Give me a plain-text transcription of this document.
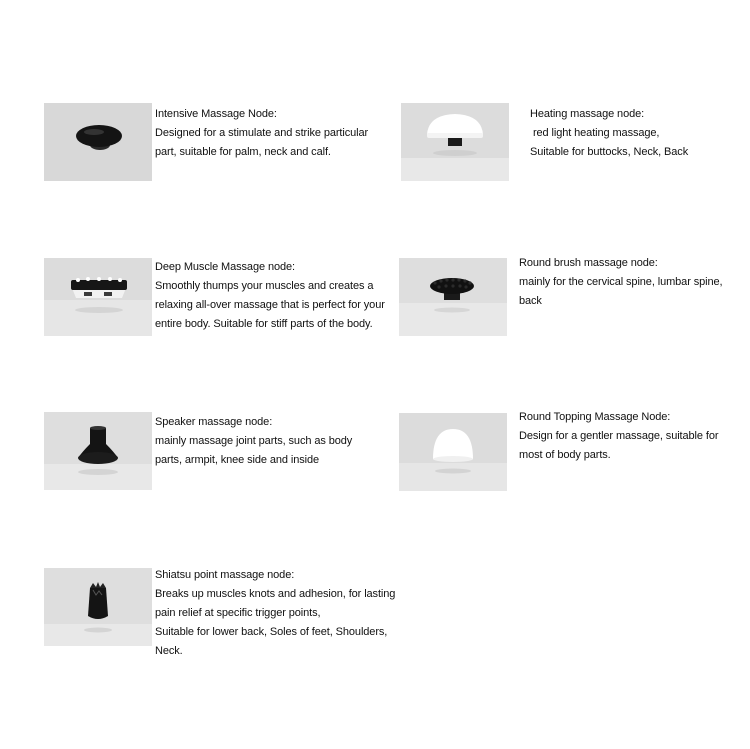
Intensive Massage Node:
Designed for a stimulate and strike particular
part, suitable for palm, neck and calf.
Heating massage node:
red light heating massage,
Suitable for buttocks, Neck, Back
Deep Muscle Massage node:
Smoothly thumps your muscles and creates a
relaxing all-over massage that is perfect for your
entire body. Suitable for stiff parts of the body.
Round brush massage node:
mainly for the cervical spine, lumbar spine,
back
Speaker massage node:
mainly massage joint parts, such as body
parts, armpit, knee side and inside
Round Topping Massage Node:
Design for a gentler massage, suitable for
most of body parts.
Shiatsu point massage node:
Breaks up muscles knots and adhesion, for lasting
pain relief at specific trigger points,
Suitable for lower back, Soles of feet, Shoulders,
Neck.
